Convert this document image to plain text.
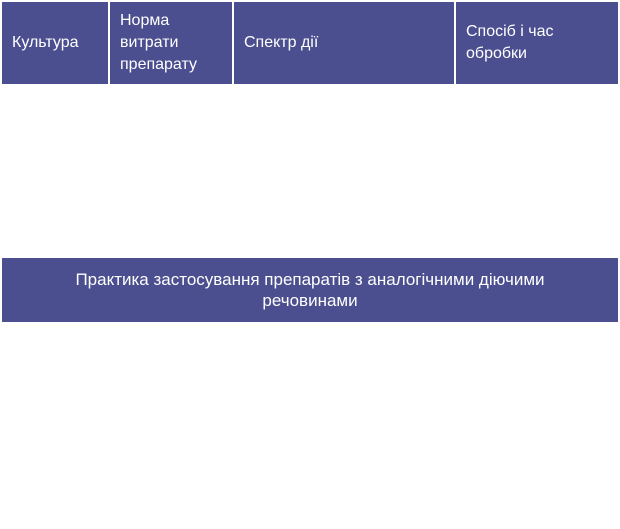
Культура
Норма витрати препарату
Спектр дії
Спосіб і час обробки
Практика застосування препаратів з аналогічними діючими речовинами
